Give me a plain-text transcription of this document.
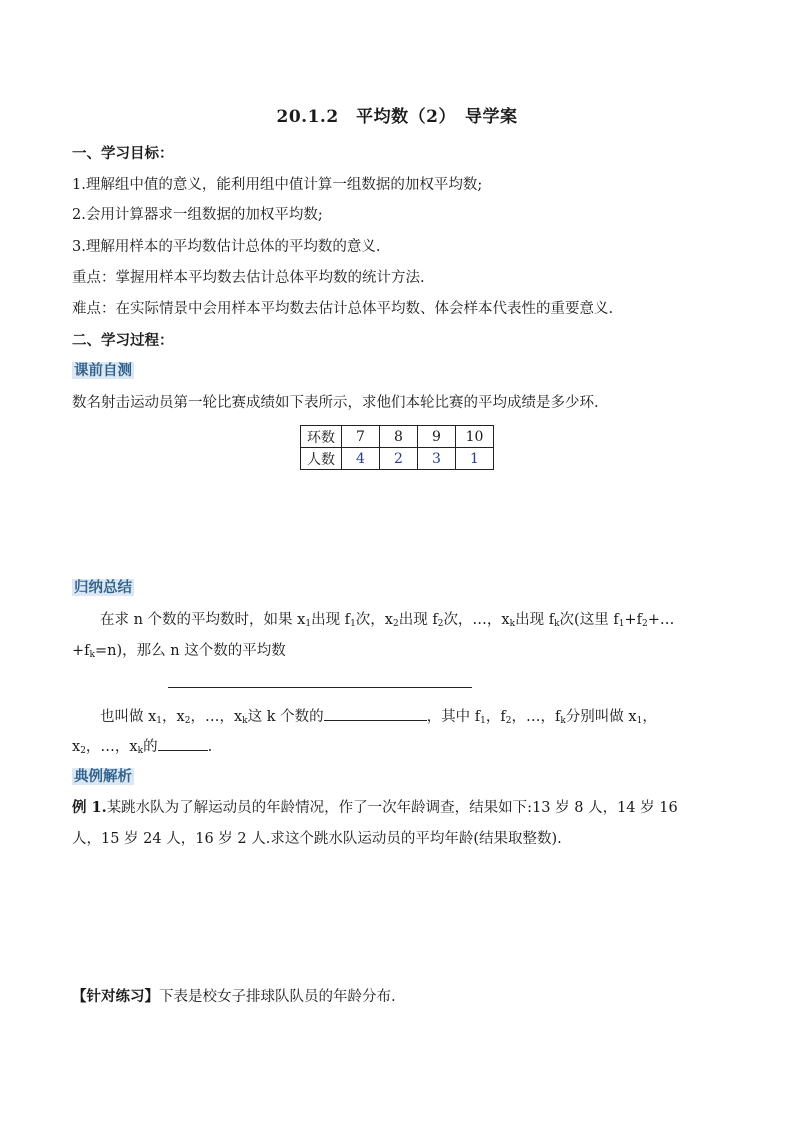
20.1.2　平均数（2）　导学案
一、学习目标：
1.理解组中值的意义，能利用组中值计算一组数据的加权平均数;
2.会用计算器求一组数据的加权平均数;
3.理解用样本的平均数估计总体的平均数的意义.
重点：掌握用样本平均数去估计总体平均数的统计方法.
难点：在实际情景中会用样本平均数去估计总体平均数、体会样本代表性的重要意义.
二、学习过程：
课前自测
数名射击运动员第一轮比赛成绩如下表所示，求他们本轮比赛的平均成绩是多少环.
环数	7	8	9	10
人数	4	2	3	1
归纳总结
在求 n 个数的平均数时，如果 $x_1$出现 $f_1$次，$x_2$出现 $f_2$次，…，$x_k$出现 $f_k$次(这里 $f_1+f_2+\dots$
$+f_k=n$)，那么 n 这个数的平均数
也叫做 $x_1$，$x_2$，…，$x_k$这 k 个数的	，其中 $f_1$，$f_2$，…，$f_k$分别叫做 $x_1$，
$x_2$，…，$x_k$的	.
典例解析
例 1.某跳水队为了解运动员的年龄情况，作了一次年龄调查，结果如下:13 岁 8 人，14 岁 16
人，15 岁 24 人，16 岁 2 人.求这个跳水队运动员的平均年龄(结果取整数).
【针对练习】下表是校女子排球队队员的年龄分布.
